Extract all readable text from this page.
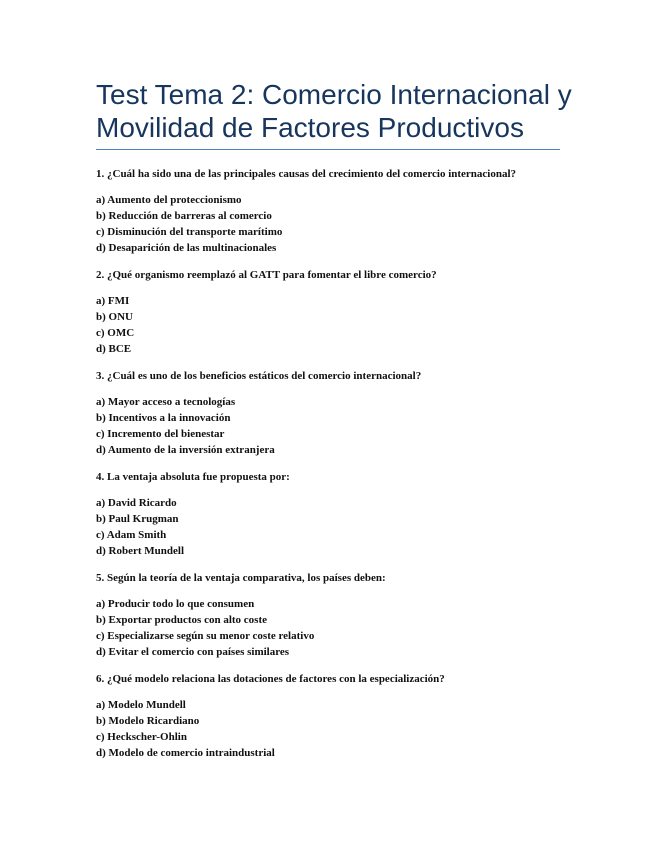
Test Tema 2: Comercio Internacional y
Movilidad de Factores Productivos
1. ¿Cuál ha sido una de las principales causas del crecimiento del comercio internacional?
a) Aumento del proteccionismo
b) Reducción de barreras al comercio
c) Disminución del transporte marítimo
d) Desaparición de las multinacionales
2. ¿Qué organismo reemplazó al GATT para fomentar el libre comercio?
a) FMI
b) ONU
c) OMC
d) BCE
3. ¿Cuál es uno de los beneficios estáticos del comercio internacional?
a) Mayor acceso a tecnologías
b) Incentivos a la innovación
c) Incremento del bienestar
d) Aumento de la inversión extranjera
4. La ventaja absoluta fue propuesta por:
a) David Ricardo
b) Paul Krugman
c) Adam Smith
d) Robert Mundell
5. Según la teoría de la ventaja comparativa, los países deben:
a) Producir todo lo que consumen
b) Exportar productos con alto coste
c) Especializarse según su menor coste relativo
d) Evitar el comercio con países similares
6. ¿Qué modelo relaciona las dotaciones de factores con la especialización?
a) Modelo Mundell
b) Modelo Ricardiano
c) Heckscher-Ohlin
d) Modelo de comercio intraindustrial
